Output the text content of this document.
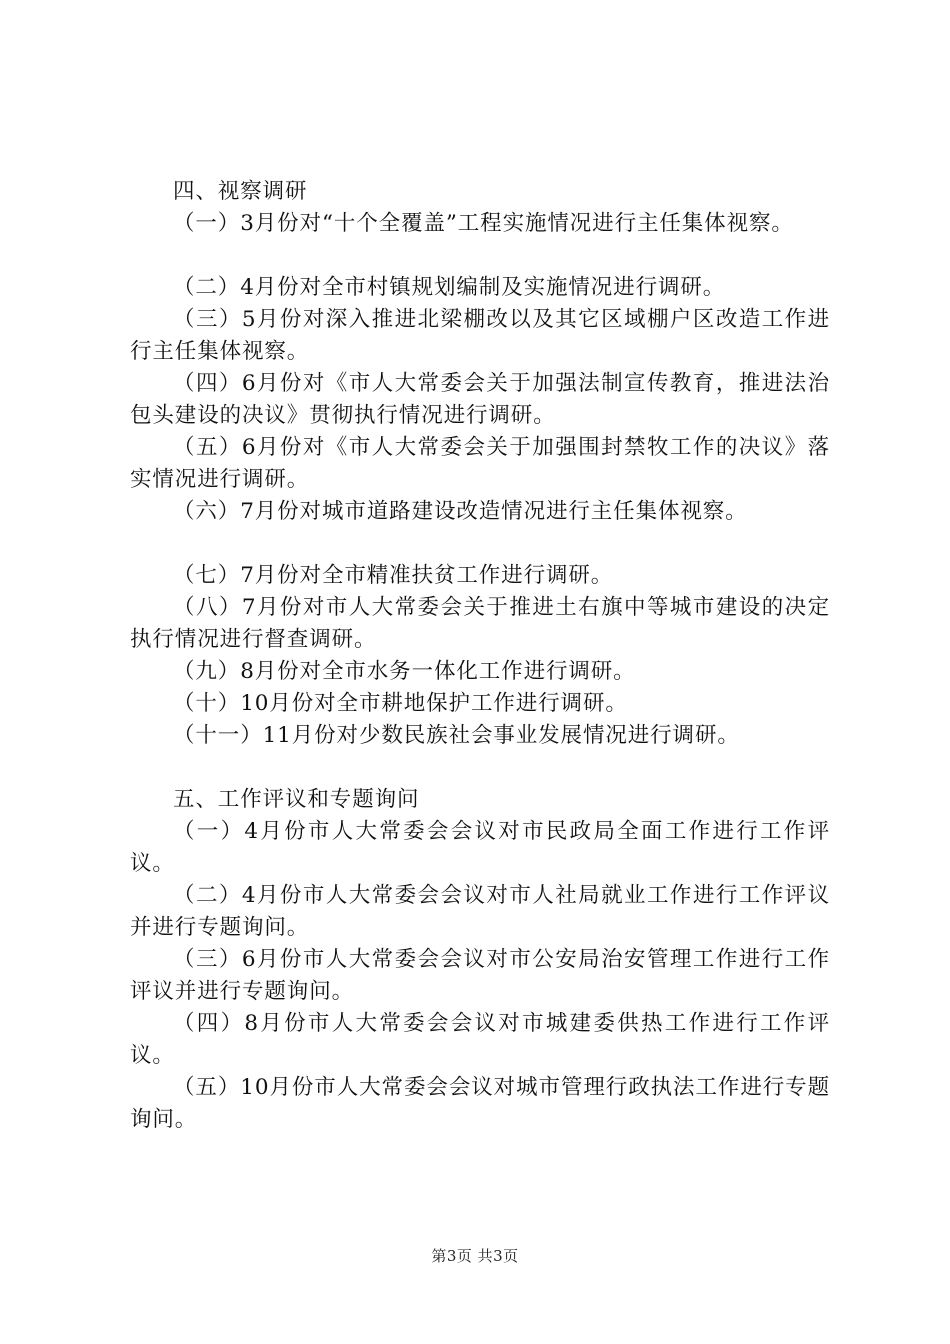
四、视察调研
（一）3月份对“十个全覆盖”工程实施情况进行主任集体视察。
（二）4月份对全市村镇规划编制及实施情况进行调研。
（三）5月份对深入推进北梁棚改以及其它区域棚户区改造工作进行主任集体视察。
（四）6月份对《市人大常委会关于加强法制宣传教育，推进法治包头建设的决议》贯彻执行情况进行调研。
（五）6月份对《市人大常委会关于加强围封禁牧工作的决议》落实情况进行调研。
（六）7月份对城市道路建设改造情况进行主任集体视察。
（七）7月份对全市精准扶贫工作进行调研。
（八）7月份对市人大常委会关于推进土右旗中等城市建设的决定执行情况进行督查调研。
（九）8月份对全市水务一体化工作进行调研。
（十）10月份对全市耕地保护工作进行调研。
（十一）11月份对少数民族社会事业发展情况进行调研。
五、工作评议和专题询问
（一）4月份市人大常委会会议对市民政局全面工作进行工作评议。
（二）4月份市人大常委会会议对市人社局就业工作进行工作评议并进行专题询问。
（三）6月份市人大常委会会议对市公安局治安管理工作进行工作评议并进行专题询问。
（四）8月份市人大常委会会议对市城建委供热工作进行工作评议。
（五）10月份市人大常委会会议对城市管理行政执法工作进行专题询问。
第3页 共3页
